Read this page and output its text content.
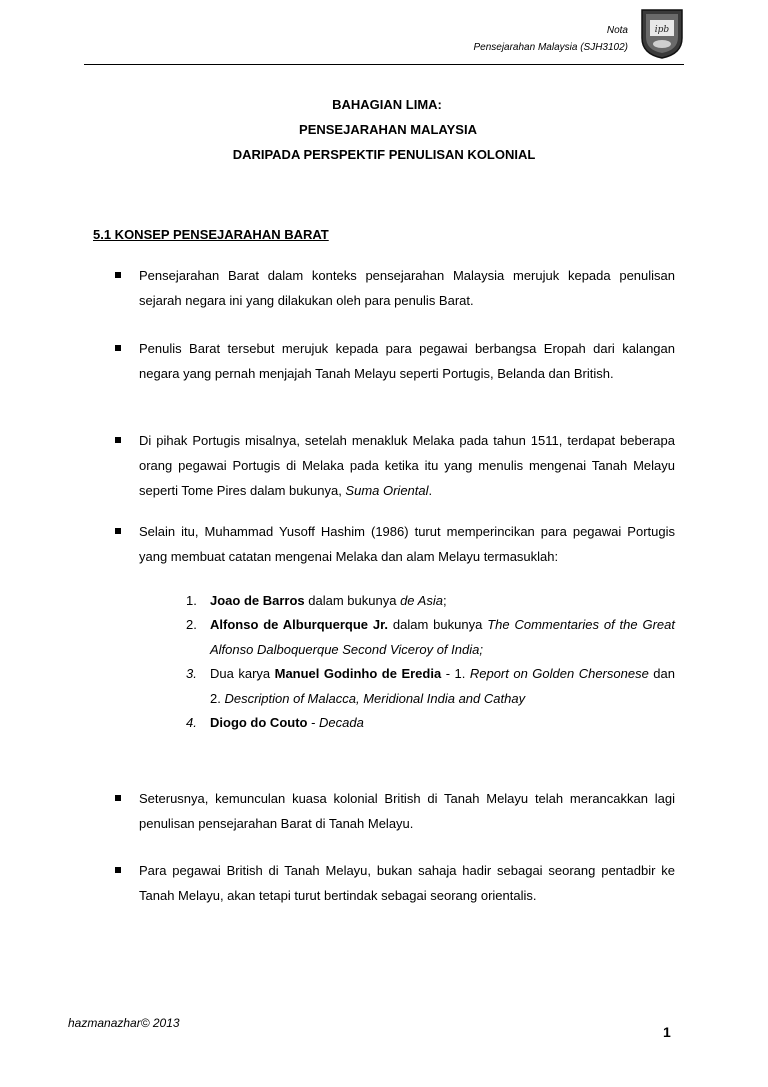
Nota
Pensejarahan Malaysia (SJH3102)
ipb
BAHAGIAN LIMA:
PENSEJARAHAN MALAYSIA
DARIPADA PERSPEKTIF PENULISAN KOLONIAL
5.1 KONSEP PENSEJARAHAN BARAT
Pensejarahan Barat dalam konteks pensejarahan Malaysia merujuk kepada penulisan sejarah negara ini yang dilakukan oleh para penulis Barat.
Penulis Barat tersebut merujuk kepada para pegawai berbangsa Eropah dari kalangan negara yang pernah menjajah Tanah Melayu seperti Portugis, Belanda dan British.
Di pihak Portugis misalnya, setelah menakluk Melaka pada tahun 1511, terdapat beberapa orang pegawai Portugis di Melaka pada ketika itu yang menulis mengenai Tanah Melayu seperti Tome Pires dalam bukunya, Suma Oriental.
Selain itu, Muhammad Yusoff Hashim (1986) turut memperincikan para pegawai Portugis yang membuat catatan mengenai Melaka dan alam Melayu termasuklah:
1. Joao de Barros dalam bukunya de Asia;
2. Alfonso de Alburquerque Jr. dalam bukunya The Commentaries of the Great Alfonso Dalboquerque Second Viceroy of India;
3. Dua karya Manuel Godinho de Eredia - 1. Report on Golden Chersonese dan 2. Description of Malacca, Meridional India and Cathay
4. Diogo do Couto - Decada
Seterusnya, kemunculan kuasa kolonial British di Tanah Melayu telah merancakkan lagi penulisan pensejarahan Barat di Tanah Melayu.
Para pegawai British di Tanah Melayu, bukan sahaja hadir sebagai seorang pentadbir ke Tanah Melayu, akan tetapi turut bertindak sebagai seorang orientalis.
hazmanazhar© 2013
1
